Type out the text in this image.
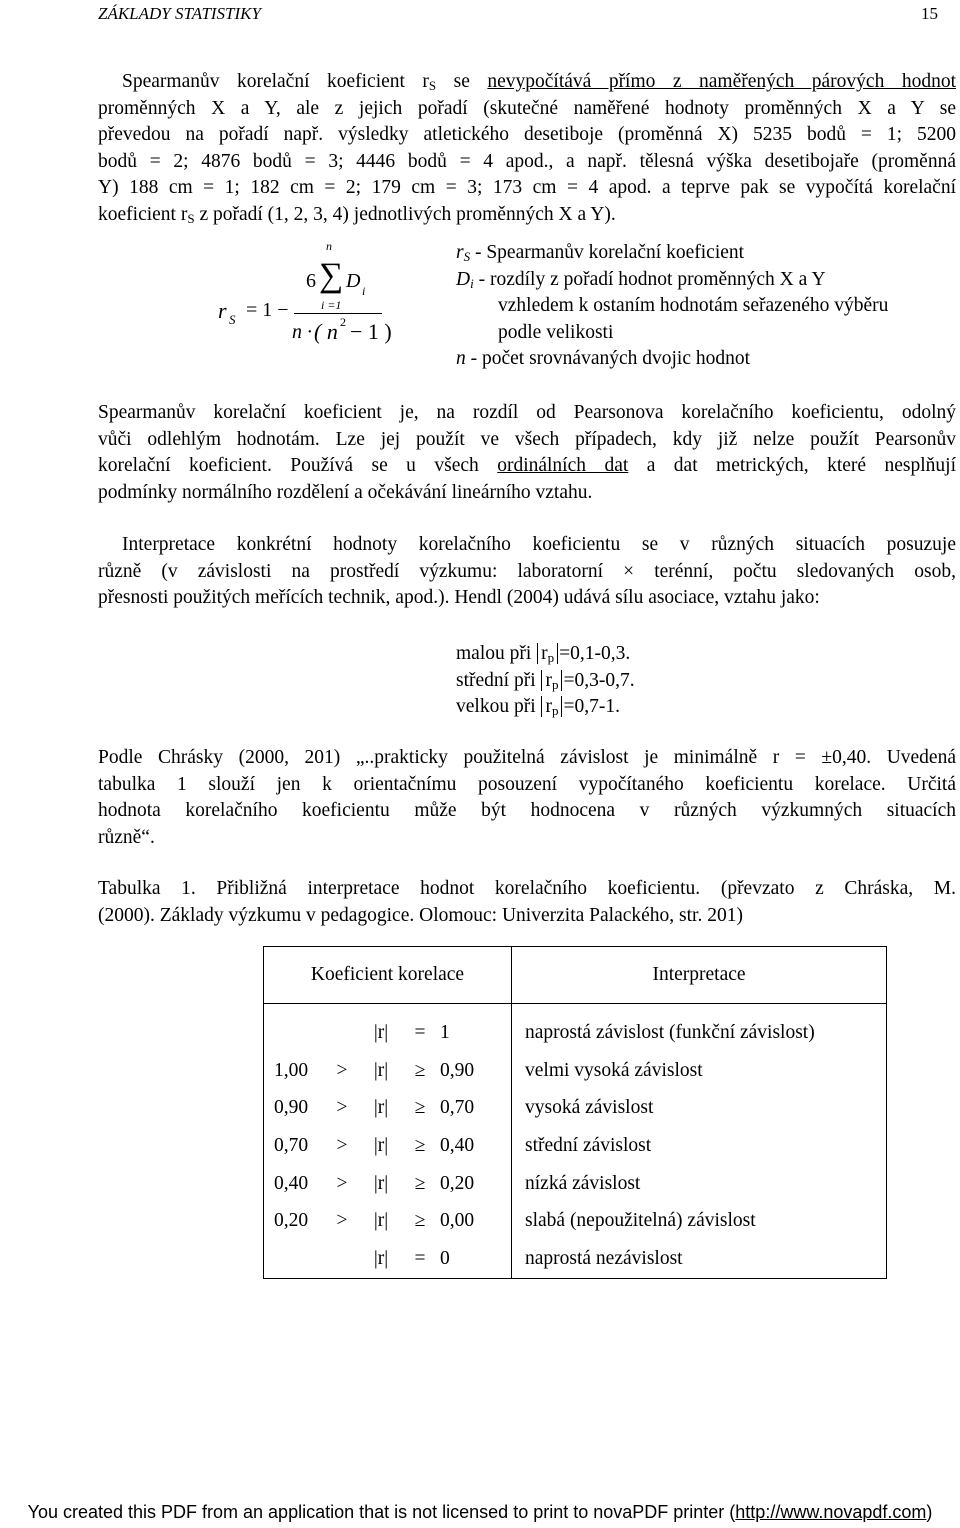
ZÁKLADY STATISTIKY	15
Spearmanův korelační koeficient $r_S$ se nevypočítává přímo z naměřených párových hodnot
proměnných X a Y, ale z jejich pořadí (skutečné naměřené hodnoty proměnných X a Y se
převedou na pořadí např. výsledky atletického desetiboje (proměnná X) 5235 bodů = 1; 5200
bodů = 2; 4876 bodů = 3; 4446 bodů = 4 apod., a např. tělesná výška desetibojaře (proměnná
Y) 188 cm = 1; 182 cm = 2; 179 cm = 3; 173 cm = 4 apod. a teprve pak se vypočítá korelační
koeficient $r_S$ z pořadí (1, 2, 3, 4) jednotlivých proměnných X a Y).
r S = 1 −
6 ∑
n
D i
i =1
n · ( n 2 − 1 )
$r_S$ - Spearmanův korelační koeficient
$D_i$ - rozdíly z pořadí hodnot proměnných X a Y
vzhledem k ostaním hodnotám seřazeného výběru
podle velikosti
n - počet srovnávaných dvojic hodnot
Spearmanův korelační koeficient je, na rozdíl od Pearsonova korelačního koeficientu, odolný
vůči odlehlým hodnotám. Lze jej použít ve všech případech, kdy již nelze použít Pearsonův
korelační koeficient. Používá se u všech ordinálních dat a dat metrických, které nesplňují
podmínky normálního rozdělení a očekávání lineárního vztahu.
Interpretace konkrétní hodnoty korelačního koeficientu se v různých situacích posuzuje
různě (v závislosti na prostředí výzkumu: laboratorní × terénní, počtu sledovaných osob,
přesnosti použitých meřících technik, apod.). Hendl (2004) udává sílu asociace, vztahu jako:
malou při $r_p =0,1-0,3$.
střední při $r_p =0,3-0,7$.
velkou při $r_p =0,7-1$.
Podle Chrásky (2000, 201) „..prakticky použitelná závislost je minimálně r = ±0,40. Uvedená
tabulka 1 slouží jen k orientačnímu posouzení vypočítaného koeficientu korelace. Určitá
hodnota korelačního koeficientu může být hodnocena v různých výzkumných situacích
různě“.
Tabulka 1. Přibližná interpretace hodnot korelačního koeficientu. (převzato z Chráska, M.
(2000). Základy výzkumu v pedagogice. Olomouc: Univerzita Palackého, str. 201)
Koeficient korelace	Interpretace
|r| = 1	naprostá závislost (funkční závislost)
1,00 > |r| ≥ 0,90	velmi vysoká závislost
0,90 > |r| ≥ 0,70	vysoká závislost
0,70 > |r| ≥ 0,40	střední závislost
0,40 > |r| ≥ 0,20	nízká závislost
0,20 > |r| ≥ 0,00	slabá (nepoužitelná) závislost
|r| = 0	naprostá nezávislost
You created this PDF from an application that is not licensed to print to novaPDF printer (http://www.novapdf.com)
